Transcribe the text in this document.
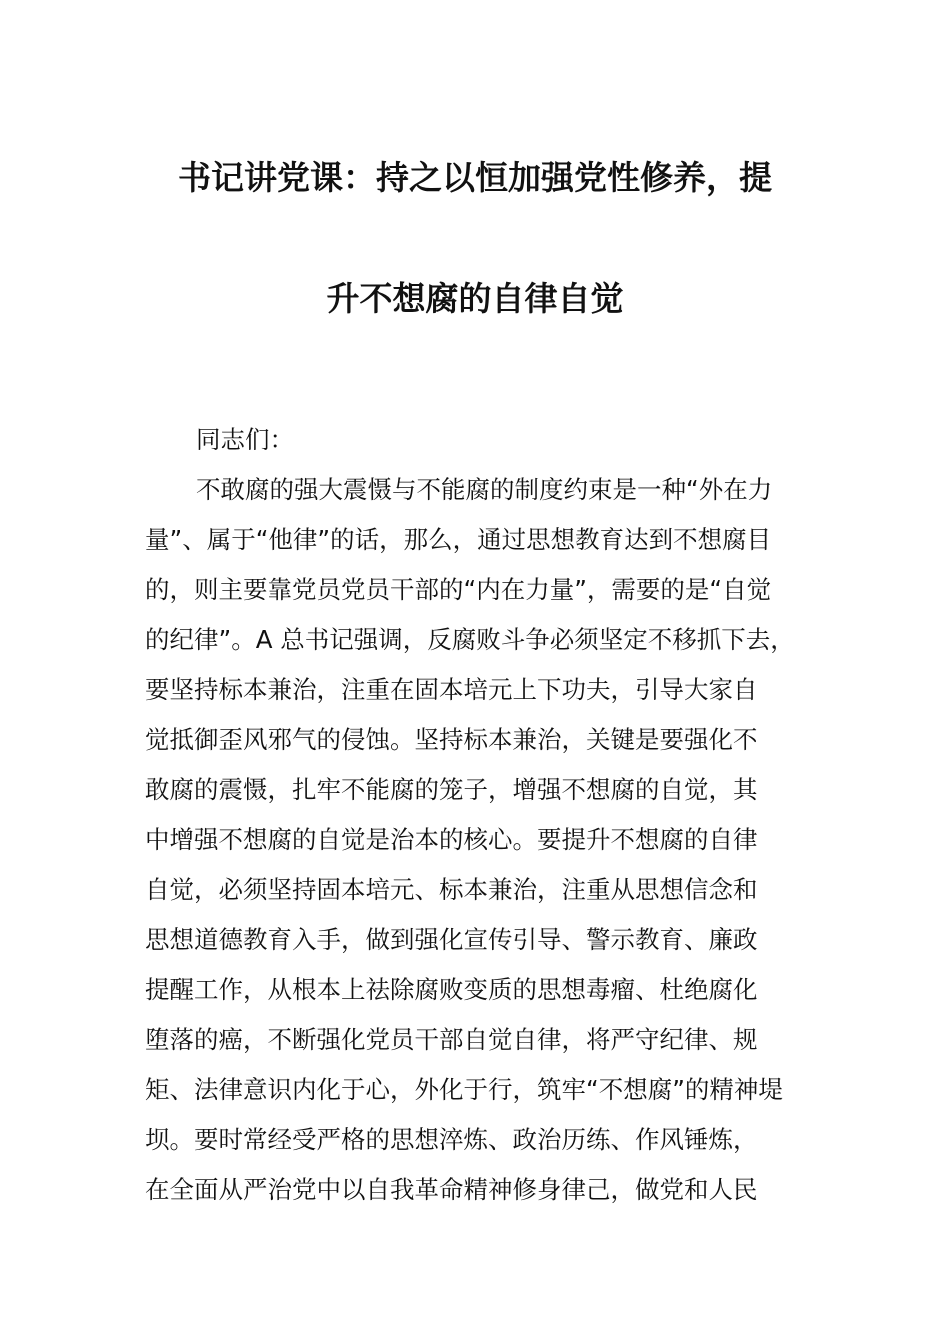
书记讲党课：持之以恒加强党性修养，提
升不想腐的自律自觉
同志们：
不敢腐的强大震慑与不能腐的制度约束是一种“外在力
量”、属于“他律”的话，那么，通过思想教育达到不想腐目
的，则主要靠党员党员干部的“内在力量”，需要的是“自觉
的纪律”。A 总书记强调，反腐败斗争必须坚定不移抓下去，
要坚持标本兼治，注重在固本培元上下功夫，引导大家自
觉抵御歪风邪气的侵蚀。坚持标本兼治，关键是要强化不
敢腐的震慑，扎牢不能腐的笼子，增强不想腐的自觉，其
中增强不想腐的自觉是治本的核心。要提升不想腐的自律
自觉，必须坚持固本培元、标本兼治，注重从思想信念和
思想道德教育入手，做到强化宣传引导、警示教育、廉政
提醒工作，从根本上祛除腐败变质的思想毒瘤、杜绝腐化
堕落的癌，不断强化党员干部自觉自律，将严守纪律、规
矩、法律意识内化于心，外化于行，筑牢“不想腐”的精神堤
坝。要时常经受严格的思想淬炼、政治历练、作风锤炼，
在全面从严治党中以自我革命精神修身律己，做党和人民
